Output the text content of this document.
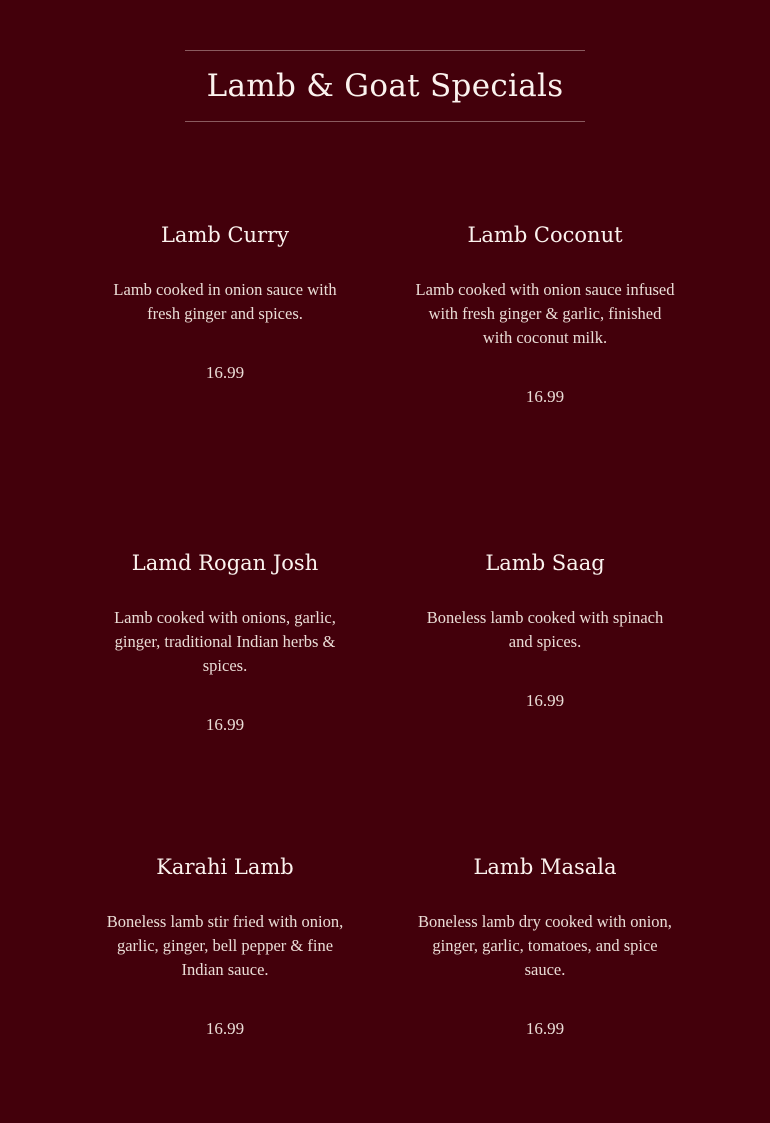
Lamb & Goat Specials
Lamb Curry
Lamb cooked in onion sauce with fresh ginger and spices.
16.99
Lamb Coconut
Lamb cooked with onion sauce infused with fresh ginger & garlic, finished with coconut milk.
16.99
Lamd Rogan Josh
Lamb cooked with onions, garlic, ginger, traditional Indian herbs & spices.
16.99
Lamb Saag
Boneless lamb cooked with spinach and spices.
16.99
Karahi Lamb
Boneless lamb stir fried with onion, garlic, ginger, bell pepper & fine Indian sauce.
16.99
Lamb Masala
Boneless lamb dry cooked with onion, ginger, garlic, tomatoes, and spice sauce.
16.99
